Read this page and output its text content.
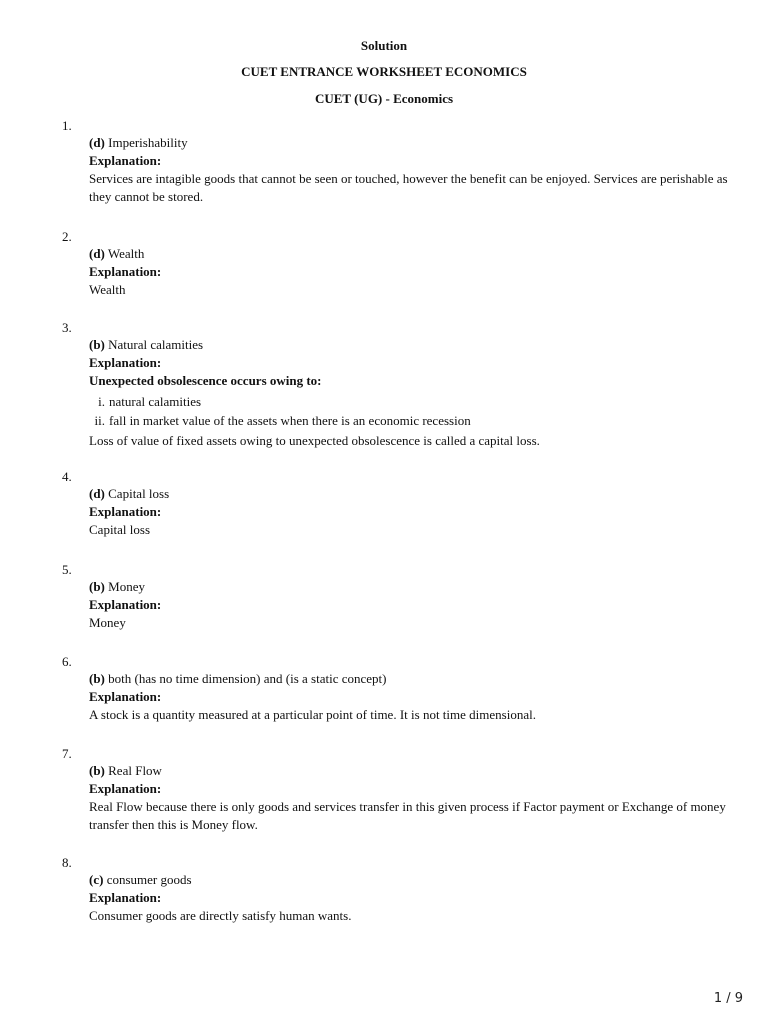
Solution
CUET ENTRANCE WORKSHEET ECONOMICS
CUET (UG) - Economics
1.
(d) Imperishability
Explanation:
Services are intagible goods that cannot be seen or touched, however the benefit can be enjoyed. Services are perishable as they cannot be stored.
2.
(d) Wealth
Explanation:
Wealth
3.
(b) Natural calamities
Explanation:
Unexpected obsolescence occurs owing to:
i. natural calamities
ii. fall in market value of the assets when there is an economic recession
Loss of value of fixed assets owing to unexpected obsolescence is called a capital loss.
4.
(d) Capital loss
Explanation:
Capital loss
5.
(b) Money
Explanation:
Money
6.
(b) both (has no time dimension) and (is a static concept)
Explanation:
A stock is a quantity measured at a particular point of time. It is not time dimensional.
7.
(b) Real Flow
Explanation:
Real Flow because there is only goods and services transfer in this given process if Factor payment or Exchange of money transfer then this is Money flow.
8.
(c) consumer goods
Explanation:
Consumer goods are directly satisfy human wants.
1 / 9
